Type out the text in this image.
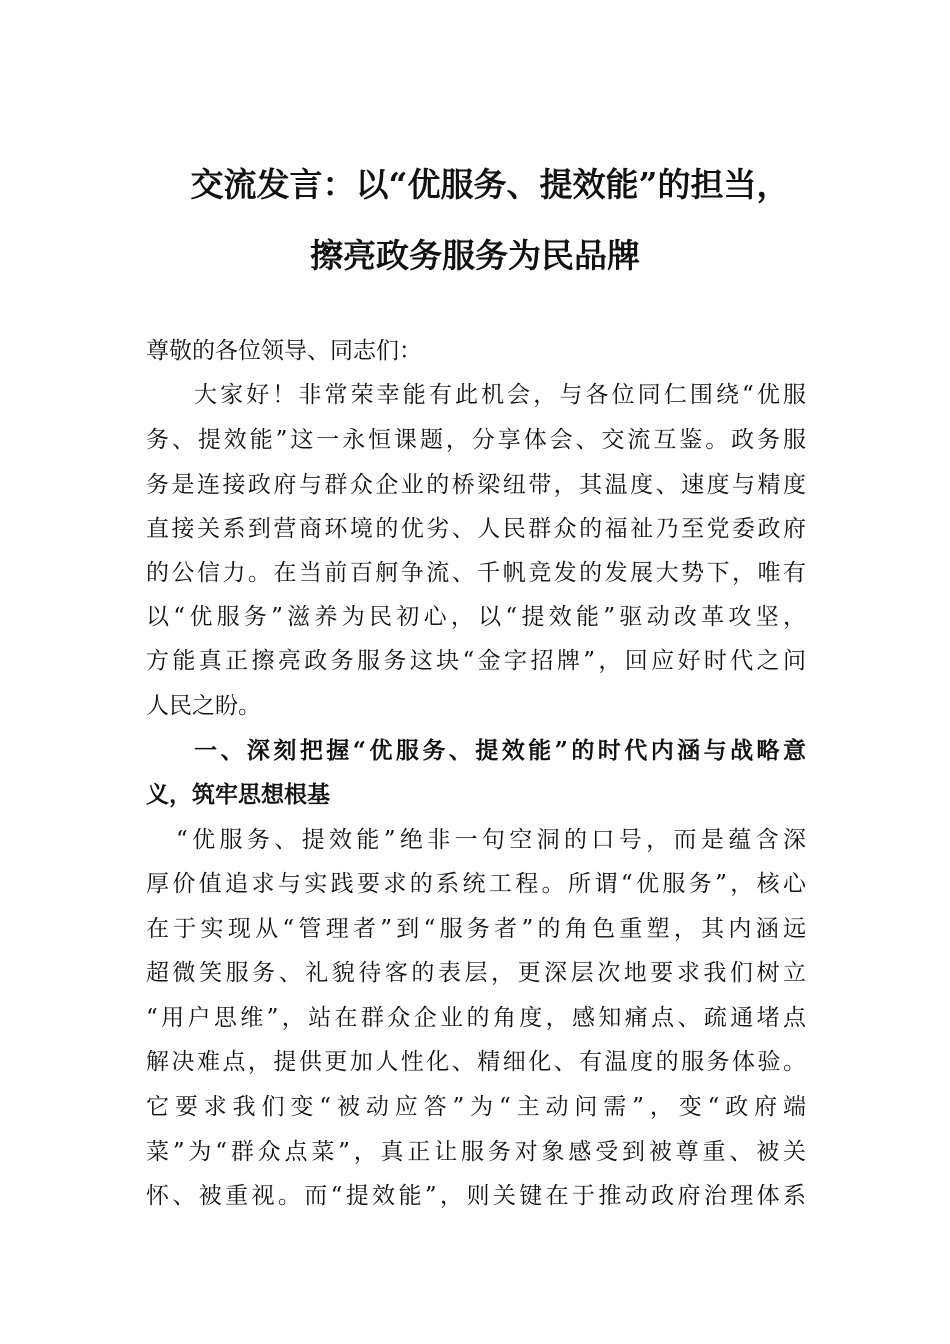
交流发言：以“优服务、提效能”的担当，
擦亮政务服务为民品牌
尊敬的各位领导、同志们：
大家好！非常荣幸能有此机会，与各位同仁围绕“优服
务、提效能”这一永恒课题，分享体会、交流互鉴。政务服
务是连接政府与群众企业的桥梁纽带，其温度、速度与精度
直接关系到营商环境的优劣、人民群众的福祉乃至党委政府
的公信力。在当前百舸争流、千帆竞发的发展大势下，唯有
以“优服务”滋养为民初心，以“提效能”驱动改革攻坚，
方能真正擦亮政务服务这块“金字招牌”，回应好时代之问
人民之盼。
一、深刻把握“优服务、提效能”的时代内涵与战略意
义，筑牢思想根基
“优服务、提效能”绝非一句空洞的口号，而是蕴含深
厚价值追求与实践要求的系统工程。所谓“优服务”，核心
在于实现从“管理者”到“服务者”的角色重塑，其内涵远
超微笑服务、礼貌待客的表层，更深层次地要求我们树立
“用户思维”，站在群众企业的角度，感知痛点、疏通堵点
解决难点，提供更加人性化、精细化、有温度的服务体验。
它要求我们变“被动应答”为“主动问需”，变“政府端
菜”为“群众点菜”，真正让服务对象感受到被尊重、被关
怀、被重视。而“提效能”，则关键在于推动政府治理体系
